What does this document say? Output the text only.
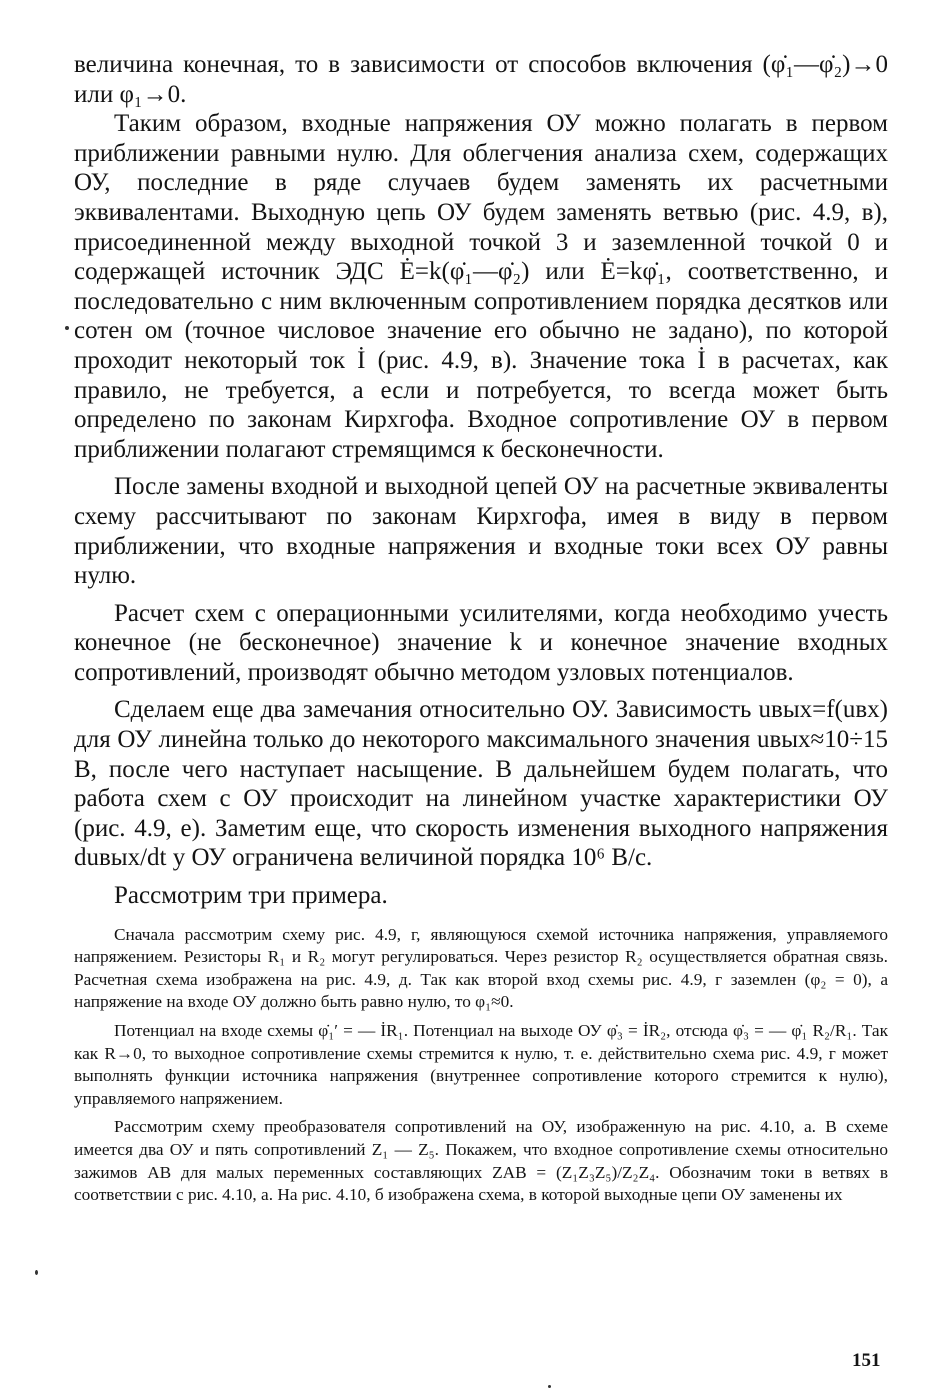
величина конечная, то в зависимости от способов включения (φ̇₁—φ̇₂)→0 или φ₁→0.

Таким образом, входные напряжения ОУ можно полагать в первом приближении равными нулю. Для облегчения анализа схем, содержащих ОУ, последние в ряде случаев будем заменять их расчетными эквивалентами. Выходную цепь ОУ будем заменять ветвью (рис. 4.9, в), присоединенной между выходной точкой 3 и заземленной точкой 0 и содержащей источник ЭДС Ė=k(φ̇₁—φ̇₂) или Ė=kφ̇₁, соответственно, и последовательно с ним включенным сопротивлением порядка десятков или сотен ом (точное числовое значение его обычно не задано), по которой проходит некоторый ток İ (рис. 4.9, в). Значение тока İ в расчетах, как правило, не требуется, а если и потребуется, то всегда может быть определено по законам Кирхгофа. Входное сопротивление ОУ в первом приближении полагают стремящимся к бесконечности.

После замены входной и выходной цепей ОУ на расчетные эквиваленты схему рассчитывают по законам Кирхгофа, имея в виду в первом приближении, что входные напряжения и входные токи всех ОУ равны нулю.

Расчет схем с операционными усилителями, когда необходимо учесть конечное (не бесконечное) значение k и конечное значение входных сопротивлений, производят обычно методом узловых потенциалов.

Сделаем еще два замечания относительно ОУ. Зависимость uвых=f(uвх) для ОУ линейна только до некоторого максимального значения uвых≈10÷15 В, после чего наступает насыщение. В дальнейшем будем полагать, что работа схем с ОУ происходит на линейном участке характеристики ОУ (рис. 4.9, е). Заметим еще, что скорость изменения выходного напряжения duвых/dt у ОУ ограничена величиной порядка 10⁶ В/с.

Рассмотрим три примера.

Сначала рассмотрим схему рис. 4.9, г, являющуюся схемой источника напряжения, управляемого напряжением. Резисторы R₁ и R₂ могут регулироваться. Через резистор R₂ осуществляется обратная связь. Расчетная схема изображена на рис. 4.9, д. Так как второй вход схемы рис. 4.9, г заземлен (φ₂ = 0), а напряжение на входе ОУ должно быть равно нулю, то φ₁≈0.

Потенциал на входе схемы φ̇₁′ = — İR₁. Потенциал на выходе ОУ φ̇₃ = İR₂, отсюда φ̇₃ = — φ̇₁ R₂/R₁. Так как R→0, то выходное сопротивление схемы стремится к нулю, т. е. действительно схема рис. 4.9, г может выполнять функции источника напряжения (внутреннее сопротивление которого стремится к нулю), управляемого напряжением.

Рассмотрим схему преобразователя сопротивлений на ОУ, изображенную на рис. 4.10, а. В схеме имеется два ОУ и пять сопротивлений Z₁ — Z₅. Покажем, что входное сопротивление схемы относительно зажимов AB для малых переменных составляющих ZAB = (Z₁Z₃Z₅)/Z₂Z₄. Обозначим токи в ветвях в соответствии с рис. 4.10, а. На рис. 4.10, б изображена схема, в которой выходные цепи ОУ заменены их

151
